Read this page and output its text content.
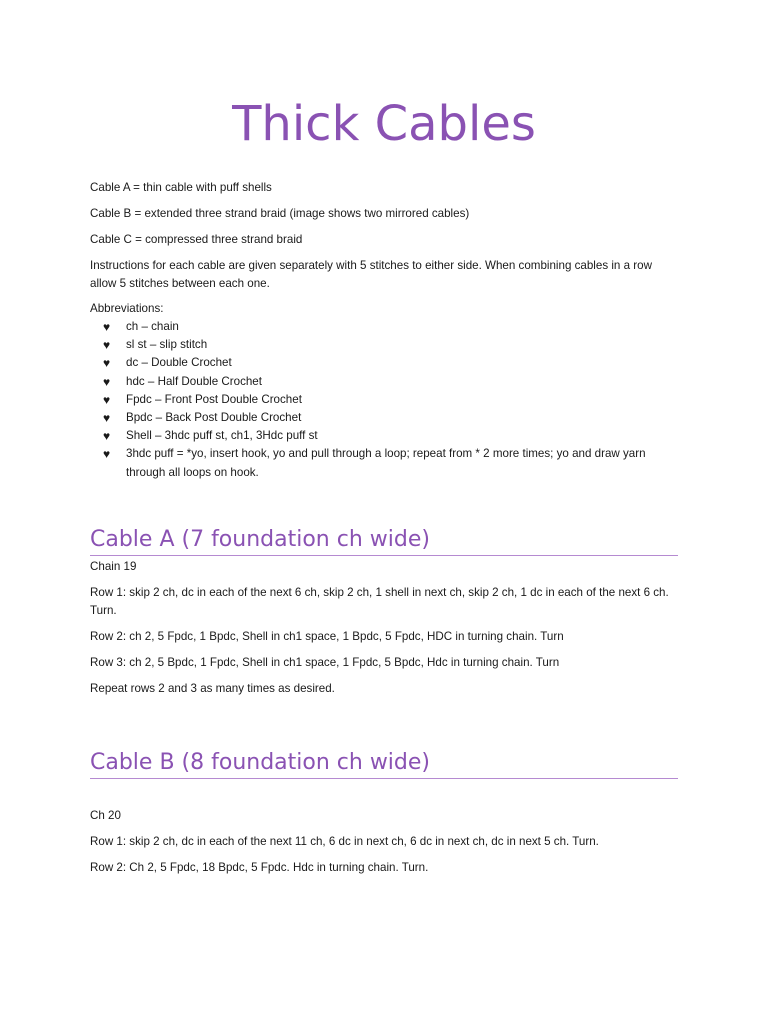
Thick Cables

Cable A = thin cable with puff shells

Cable B = extended three strand braid (image shows two mirrored cables)

Cable C = compressed three strand braid

Instructions for each cable are given separately with 5 stitches to either side. When combining cables in a row allow 5 stitches between each one.

Abbreviations:

♥ ch – chain
♥ sl st – slip stitch
♥ dc – Double Crochet
♥ hdc – Half Double Crochet
♥ Fpdc – Front Post Double Crochet
♥ Bpdc – Back Post Double Crochet
♥ Shell – 3hdc puff st, ch1, 3Hdc puff st
♥ 3hdc puff = *yo, insert hook, yo and pull through a loop; repeat from * 2 more times; yo and draw yarn through all loops on hook.
Cable A (7 foundation ch wide)

Chain 19

Row 1: skip 2 ch, dc in each of the next 6 ch, skip 2 ch, 1 shell in next ch, skip 2 ch, 1 dc in each of the next 6 ch. Turn.

Row 2: ch 2, 5 Fpdc, 1 Bpdc, Shell in ch1 space, 1 Bpdc, 5 Fpdc, HDC in turning chain. Turn

Row 3: ch 2, 5 Bpdc, 1 Fpdc, Shell in ch1 space, 1 Fpdc, 5 Bpdc, Hdc in turning chain. Turn

Repeat rows 2 and 3 as many times as desired.

Cable B (8 foundation ch wide)

Ch 20

Row 1: skip 2 ch, dc in each of the next 11 ch, 6 dc in next ch, 6 dc in next ch, dc in next 5 ch. Turn.

Row 2: Ch 2, 5 Fpdc, 18 Bpdc, 5 Fpdc. Hdc in turning chain. Turn.
